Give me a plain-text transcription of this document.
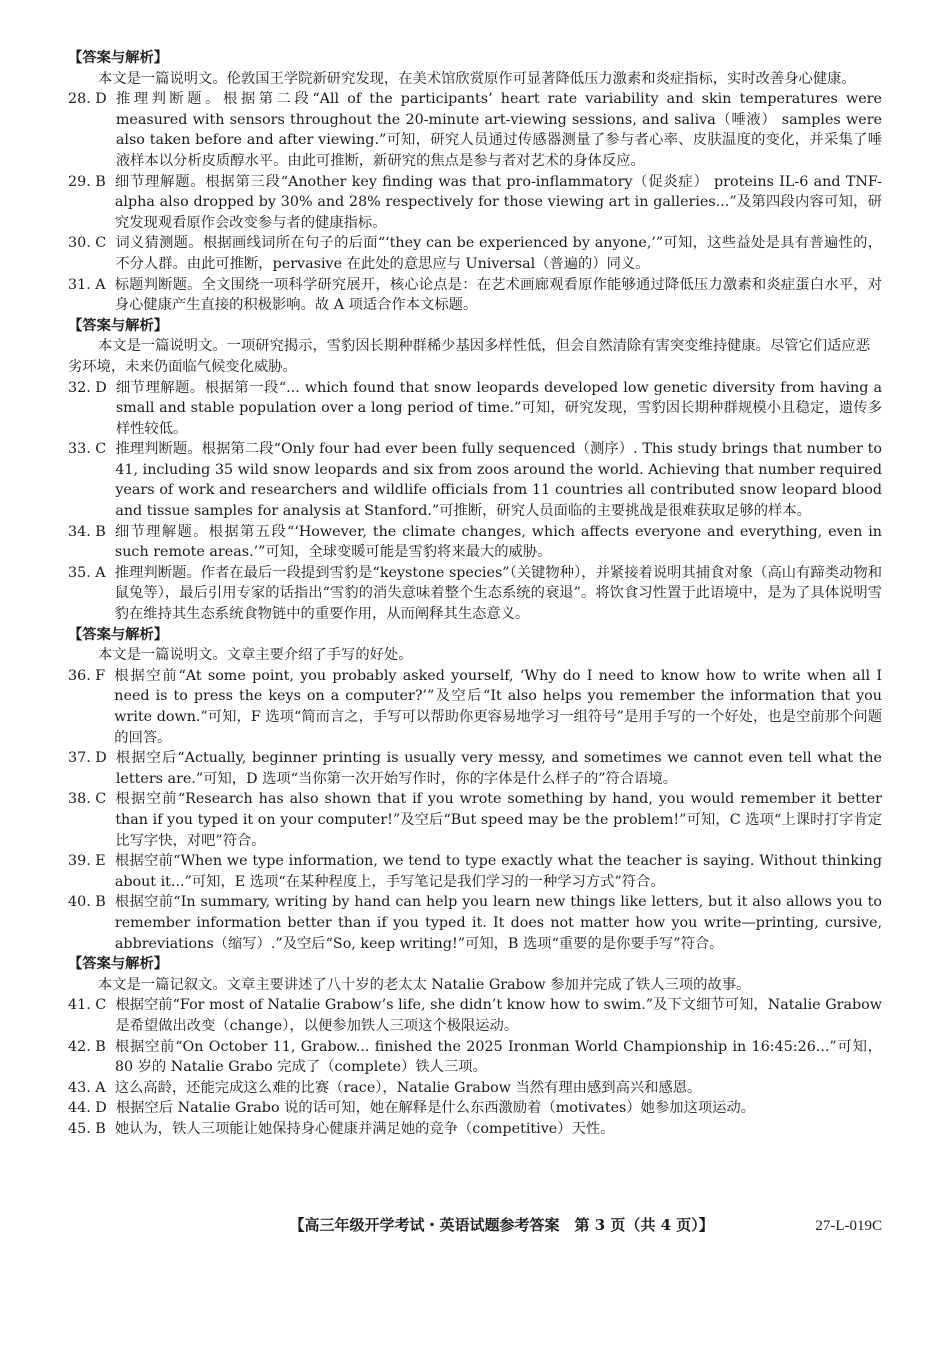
【答案与解析】

本文是一篇说明文。伦敦国王学院新研究发现，在美术馆欣赏原作可显著降低压力激素和炎症指标，实时改善身心健康。

28. D 推理判断题。根据第二段“All of the participants’ heart rate variability and skin temperatures were measured with sensors throughout the 20-minute art-viewing sessions, and saliva（唾液） samples were also taken before and after viewing.”可知，研究人员通过传感器测量了参与者心率、皮肤温度的变化，并采集了唾液样本以分析皮质醇水平。由此可推断，新研究的焦点是参与者对艺术的身体反应。
29. B 细节理解题。根据第三段“Another key finding was that pro-inflammatory（促炎症） proteins IL-6 and TNF-alpha also dropped by 30% and 28% respectively for those viewing art in galleries...”及第四段内容可知，研究发现观看原作会改变参与者的健康指标。
30. C 词义猜测题。根据画线词所在句子的后面“‘they can be experienced by anyone,’”可知，这些益处是具有普遍性的，不分人群。由此可推断，pervasive 在此处的意思应与 Universal（普遍的）同义。
31. A 标题判断题。全文围绕一项科学研究展开，核心论点是：在艺术画廊观看原作能够通过降低压力激素和炎症蛋白水平，对身心健康产生直接的积极影响。故 A 项适合作本文标题。

【答案与解析】

本文是一篇说明文。一项研究揭示，雪豹因长期种群稀少基因多样性低，但会自然清除有害突变维持健康。尽管它们适应恶劣环境，未来仍面临气候变化威胁。

32. D 细节理解题。根据第一段“... which found that snow leopards developed low genetic diversity from having a small and stable population over a long period of time.”可知，研究发现，雪豹因长期种群规模小且稳定，遗传多样性较低。
33. C 推理判断题。根据第二段“Only four had ever been fully sequenced（测序）. This study brings that number to 41, including 35 wild snow leopards and six from zoos around the world. Achieving that number required years of work and researchers and wildlife officials from 11 countries all contributed snow leopard blood and tissue samples for analysis at Stanford.”可推断，研究人员面临的主要挑战是很难获取足够的样本。
34. B 细节理解题。根据第五段“‘However, the climate changes, which affects everyone and everything, even in such remote areas.’”可知，全球变暖可能是雪豹将来最大的威胁。
35. A 推理判断题。作者在最后一段提到雪豹是“keystone species”（关键物种），并紧接着说明其捕食对象（高山有蹄类动物和鼠兔等），最后引用专家的话指出“雪豹的消失意味着整个生态系统的衰退”。将饮食习性置于此语境中，是为了具体说明雪豹在维持其生态系统食物链中的重要作用，从而阐释其生态意义。

【答案与解析】

本文是一篇说明文。文章主要介绍了手写的好处。

36. F 根据空前“At some point, you probably asked yourself, ‘Why do I need to know how to write when all I need is to press the keys on a computer?’”及空后“It also helps you remember the information that you write down.”可知，F 选项“简而言之，手写可以帮助你更容易地学习一组符号”是用手写的一个好处，也是空前那个问题的回答。
37. D 根据空后“Actually, beginner printing is usually very messy, and sometimes we cannot even tell what the letters are.”可知，D 选项“当你第一次开始写作时，你的字体是什么样子的”符合语境。
38. C 根据空前“Research has also shown that if you wrote something by hand, you would remember it better than if you typed it on your computer!”及空后“But speed may be the problem!”可知，C 选项“上课时打字肯定比写字快，对吧”符合。
39. E 根据空前“When we type information, we tend to type exactly what the teacher is saying. Without thinking about it...”可知，E 选项“在某种程度上，手写笔记是我们学习的一种学习方式”符合。
40. B 根据空前“In summary, writing by hand can help you learn new things like letters, but it also allows you to remember information better than if you typed it. It does not matter how you write—printing, cursive, abbreviations（缩写）.”及空后“So, keep writing!”可知，B 选项“重要的是你要手写”符合。

【答案与解析】

本文是一篇记叙文。文章主要讲述了八十岁的老太太 Natalie Grabow 参加并完成了铁人三项的故事。

41. C 根据空前“For most of Natalie Grabow’s life, she didn’t know how to swim.”及下文细节可知，Natalie Grabow 是希望做出改变（change），以便参加铁人三项这个极限运动。
42. B 根据空前“On October 11, Grabow... finished the 2025 Ironman World Championship in 16:45:26...”可知，80 岁的 Natalie Grabo 完成了（complete）铁人三项。
43. A 这么高龄，还能完成这么难的比赛（race），Natalie Grabow 当然有理由感到高兴和感恩。
44. D 根据空后 Natalie Grabo 说的话可知，她在解释是什么东西激励着（motivates）她参加这项运动。
45. B 她认为，铁人三项能让她保持身心健康并满足她的竞争（competitive）天性。
【高三年级开学考试・英语试题参考答案　第 3 页（共 4 页）】	27-L-019C
